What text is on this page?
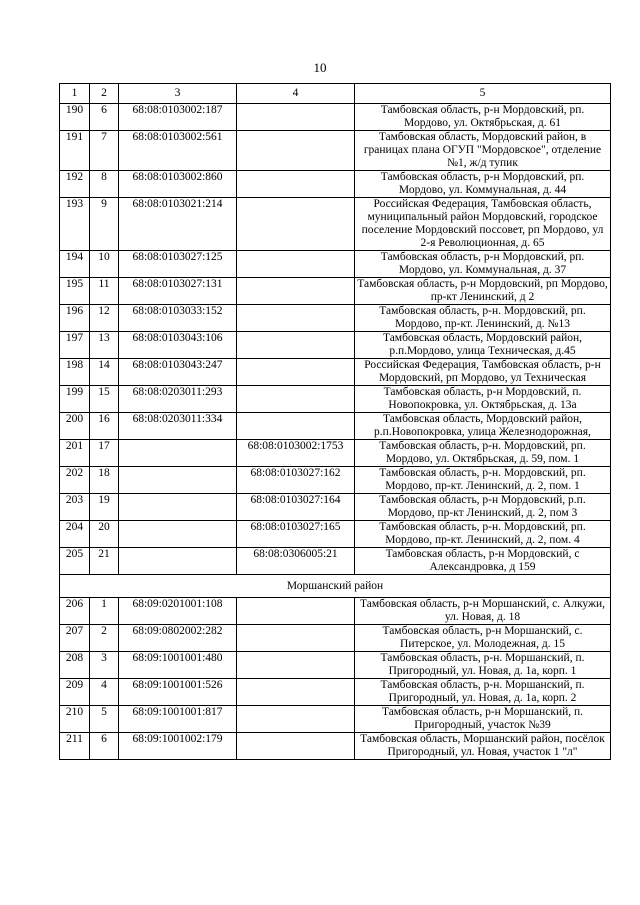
10
1	2	3	4	5
190	6	68:08:0103002:187		Тамбовская область, р-н Мордовский, рп. Мордово, ул. Октябрьская, д. 61
191	7	68:08:0103002:561		Тамбовская область, Мордовский район, в границах плана ОГУП "Мордовское", отделение №1, ж/д тупик
192	8	68:08:0103002:860		Тамбовская область, р-н Мордовский, рп. Мордово, ул. Коммунальная, д. 44
193	9	68:08:0103021:214		Российская Федерация, Тамбовская область, муниципальный район Мордовский, городское поселение Мордовский поссовет, рп Мордово, ул 2-я Революционная, д. 65
194	10	68:08:0103027:125		Тамбовская область, р-н Мордовский, рп. Мордово, ул. Коммунальная, д. 37
195	11	68:08:0103027:131		Тамбовская область, р-н Мордовский, рп Мордово, пр-кт Ленинский, д 2
196	12	68:08:0103033:152		Тамбовская область, р-н. Мордовский, рп. Мордово, пр-кт. Ленинский, д. №13
197	13	68:08:0103043:106		Тамбовская область, Мордовский район, р.п.Мордово, улица Техническая, д.45
198	14	68:08:0103043:247		Российская Федерация, Тамбовская область, р-н Мордовский, рп Мордово, ул Техническая
199	15	68:08:0203011:293		Тамбовская область, р-н Мордовский, п. Новопокровка, ул. Октябрьская, д. 13а
200	16	68:08:0203011:334		Тамбовская область, Мордовский район, р.п.Новопокровка, улица Железнодорожная,
201	17		68:08:0103002:1753	Тамбовская область, р-н. Мордовский, рп. Мордово, ул. Октябрьская, д. 59, пом. 1
202	18		68:08:0103027:162	Тамбовская область, р-н. Мордовский, рп. Мордово, пр-кт. Ленинский, д. 2, пом. 1
203	19		68:08:0103027:164	Тамбовская область, р-н Мордовский, р.п. Мордово, пр-кт Ленинский, д. 2, пом 3
204	20		68:08:0103027:165	Тамбовская область, р-н. Мордовский, рп. Мордово, пр-кт. Ленинский, д. 2, пом. 4
205	21		68:08:0306005:21	Тамбовская область, р-н Мордовский, с Александровка, д 159
Моршанский район				
206	1	68:09:0201001:108		Тамбовская область, р-н Моршанский, с. Алкужи, ул. Новая, д. 18
207	2	68:09:0802002:282		Тамбовская область, р-н Моршанский, с. Питерское, ул. Молодежная, д. 15
208	3	68:09:1001001:480		Тамбовская область, р-н. Моршанский, п. Пригородный, ул. Новая, д. 1а, корп. 1
209	4	68:09:1001001:526		Тамбовская область, р-н. Моршанский, п. Пригородный, ул. Новая, д. 1а, корп. 2
210	5	68:09:1001001:817		Тамбовская область, р-н Моршанский, п. Пригородный, участок №39
211	6	68:09:1001002:179		Тамбовская область, Моршанский район, посёлок Пригородный, ул. Новая, участок 1 "л"
